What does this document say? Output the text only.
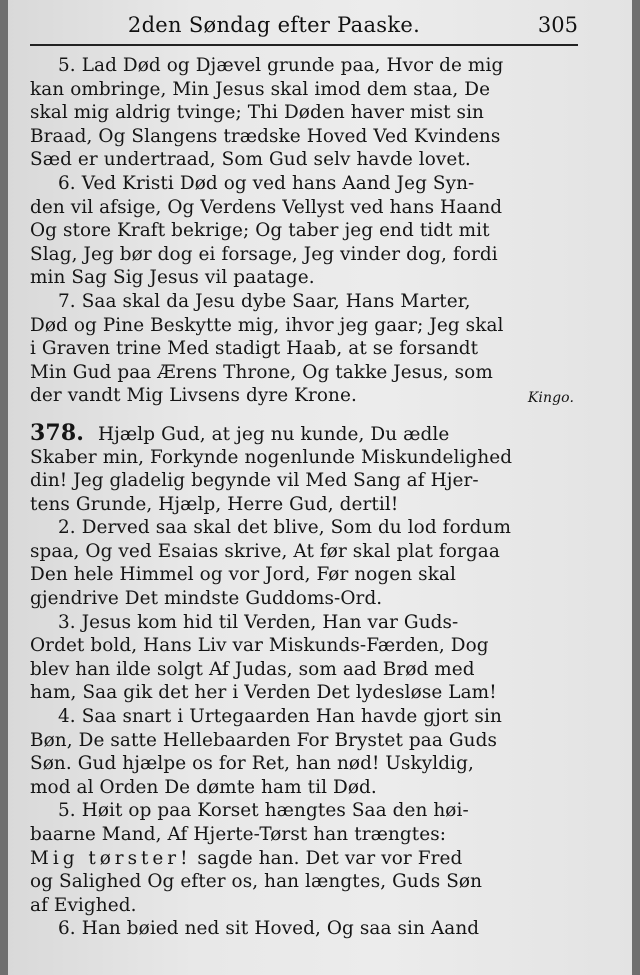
2den Søndag efter Paaske.	305
5. Lad Død og Djævel grunde paa, Hvor de mig
kan ombringe, Min Jesus skal imod dem staa, De
skal mig aldrig tvinge; Thi Døden haver mist sin
Braad, Og Slangens trædske Hoved Ved Kvindens
Sæd er undertraad, Som Gud selv havde lovet.
6. Ved Kristi Død og ved hans Aand Jeg Syn-
den vil afsige, Og Verdens Vellyst ved hans Haand
Og store Kraft bekrige; Og taber jeg end tidt mit
Slag, Jeg bør dog ei forsage, Jeg vinder dog, fordi
min Sag Sig Jesus vil paatage.
7. Saa skal da Jesu dybe Saar, Hans Marter,
Død og Pine Beskytte mig, ihvor jeg gaar; Jeg skal
i Graven trine Med stadigt Haab, at se forsandt
Min Gud paa Ærens Throne, Og takke Jesus, som
der vandt Mig Livsens dyre Krone.	Kingo.
378. Hjælp Gud, at jeg nu kunde, Du ædle
Skaber min, Forkynde nogenlunde Miskundelighed
din! Jeg gladelig begynde vil Med Sang af Hjer-
tens Grunde, Hjælp, Herre Gud, dertil!
2. Derved saa skal det blive, Som du lod fordum
spaa, Og ved Esaias skrive, At før skal plat forgaa
Den hele Himmel og vor Jord, Før nogen skal
gjendrive Det mindste Guddoms-Ord.
3. Jesus kom hid til Verden, Han var Guds-
Ordet bold, Hans Liv var Miskunds-Færden, Dog
blev han ilde solgt Af Judas, som aad Brød med
ham, Saa gik det her i Verden Det lydesløse Lam!
4. Saa snart i Urtegaarden Han havde gjort sin
Bøn, De satte Hellebaarden For Brystet paa Guds
Søn. Gud hjælpe os for Ret, han nød! Uskyldig,
mod al Orden De dømte ham til Død.
5. Høit op paa Korset hængtes Saa den høi-
baarne Mand, Af Hjerte-Tørst han trængtes:
Mig tørster! sagde han. Det var vor Fred
og Salighed Og efter os, han længtes, Guds Søn
af Evighed.
6. Han bøied ned sit Hoved, Og saa sin Aand
